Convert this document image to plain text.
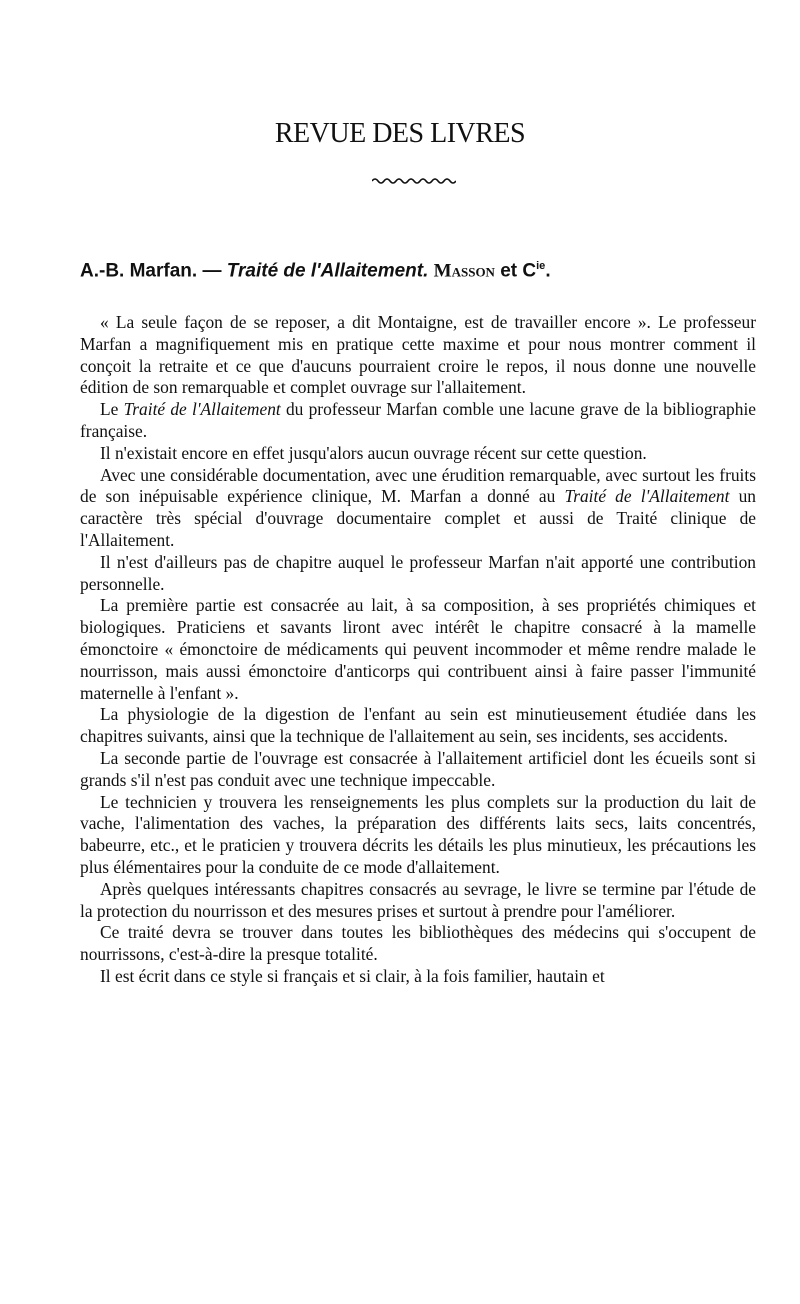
REVUE DES LIVRES
A.-B. Marfan. — Traité de l'Allaitement. Masson et $C^{ie}$.

« La seule façon de se reposer, a dit Montaigne, est de travailler encore ». Le professeur Marfan a magnifiquement mis en pratique cette maxime et pour nous montrer comment il conçoit la retraite et ce que d'aucuns pourraient croire le repos, il nous donne une nouvelle édition de son remarquable et complet ouvrage sur l'allaitement.

Le Traité de l'Allaitement du professeur Marfan comble une lacune grave de la bibliographie française.

Il n'existait encore en effet jusqu'alors aucun ouvrage récent sur cette question.

Avec une considérable documentation, avec une érudition remarquable, avec surtout les fruits de son inépuisable expérience clinique, M. Marfan a donné au Traité de l'Allaitement un caractère très spécial d'ouvrage documentaire complet et aussi de Traité clinique de l'Allaitement.

Il n'est d'ailleurs pas de chapitre auquel le professeur Marfan n'ait apporté une contribution personnelle.

La première partie est consacrée au lait, à sa composition, à ses propriétés chimiques et biologiques. Praticiens et savants liront avec intérêt le chapitre consacré à la mamelle émonctoire « émonctoire de médicaments qui peuvent incommoder et même rendre malade le nourrisson, mais aussi émonctoire d'anticorps qui contribuent ainsi à faire passer l'immunité maternelle à l'enfant ».

La physiologie de la digestion de l'enfant au sein est minutieusement étudiée dans les chapitres suivants, ainsi que la technique de l'allaitement au sein, ses incidents, ses accidents.

La seconde partie de l'ouvrage est consacrée à l'allaitement artificiel dont les écueils sont si grands s'il n'est pas conduit avec une technique impeccable.

Le technicien y trouvera les renseignements les plus complets sur la production du lait de vache, l'alimentation des vaches, la préparation des différents laits secs, laits concentrés, babeurre, etc., et le praticien y trouvera décrits les détails les plus minutieux, les précautions les plus élémentaires pour la conduite de ce mode d'allaitement.

Après quelques intéressants chapitres consacrés au sevrage, le livre se termine par l'étude de la protection du nourrisson et des mesures prises et surtout à prendre pour l'améliorer.

Ce traité devra se trouver dans toutes les bibliothèques des médecins qui s'occupent de nourrissons, c'est-à-dire la presque totalité.

Il est écrit dans ce style si français et si clair, à la fois familier, hautain et
